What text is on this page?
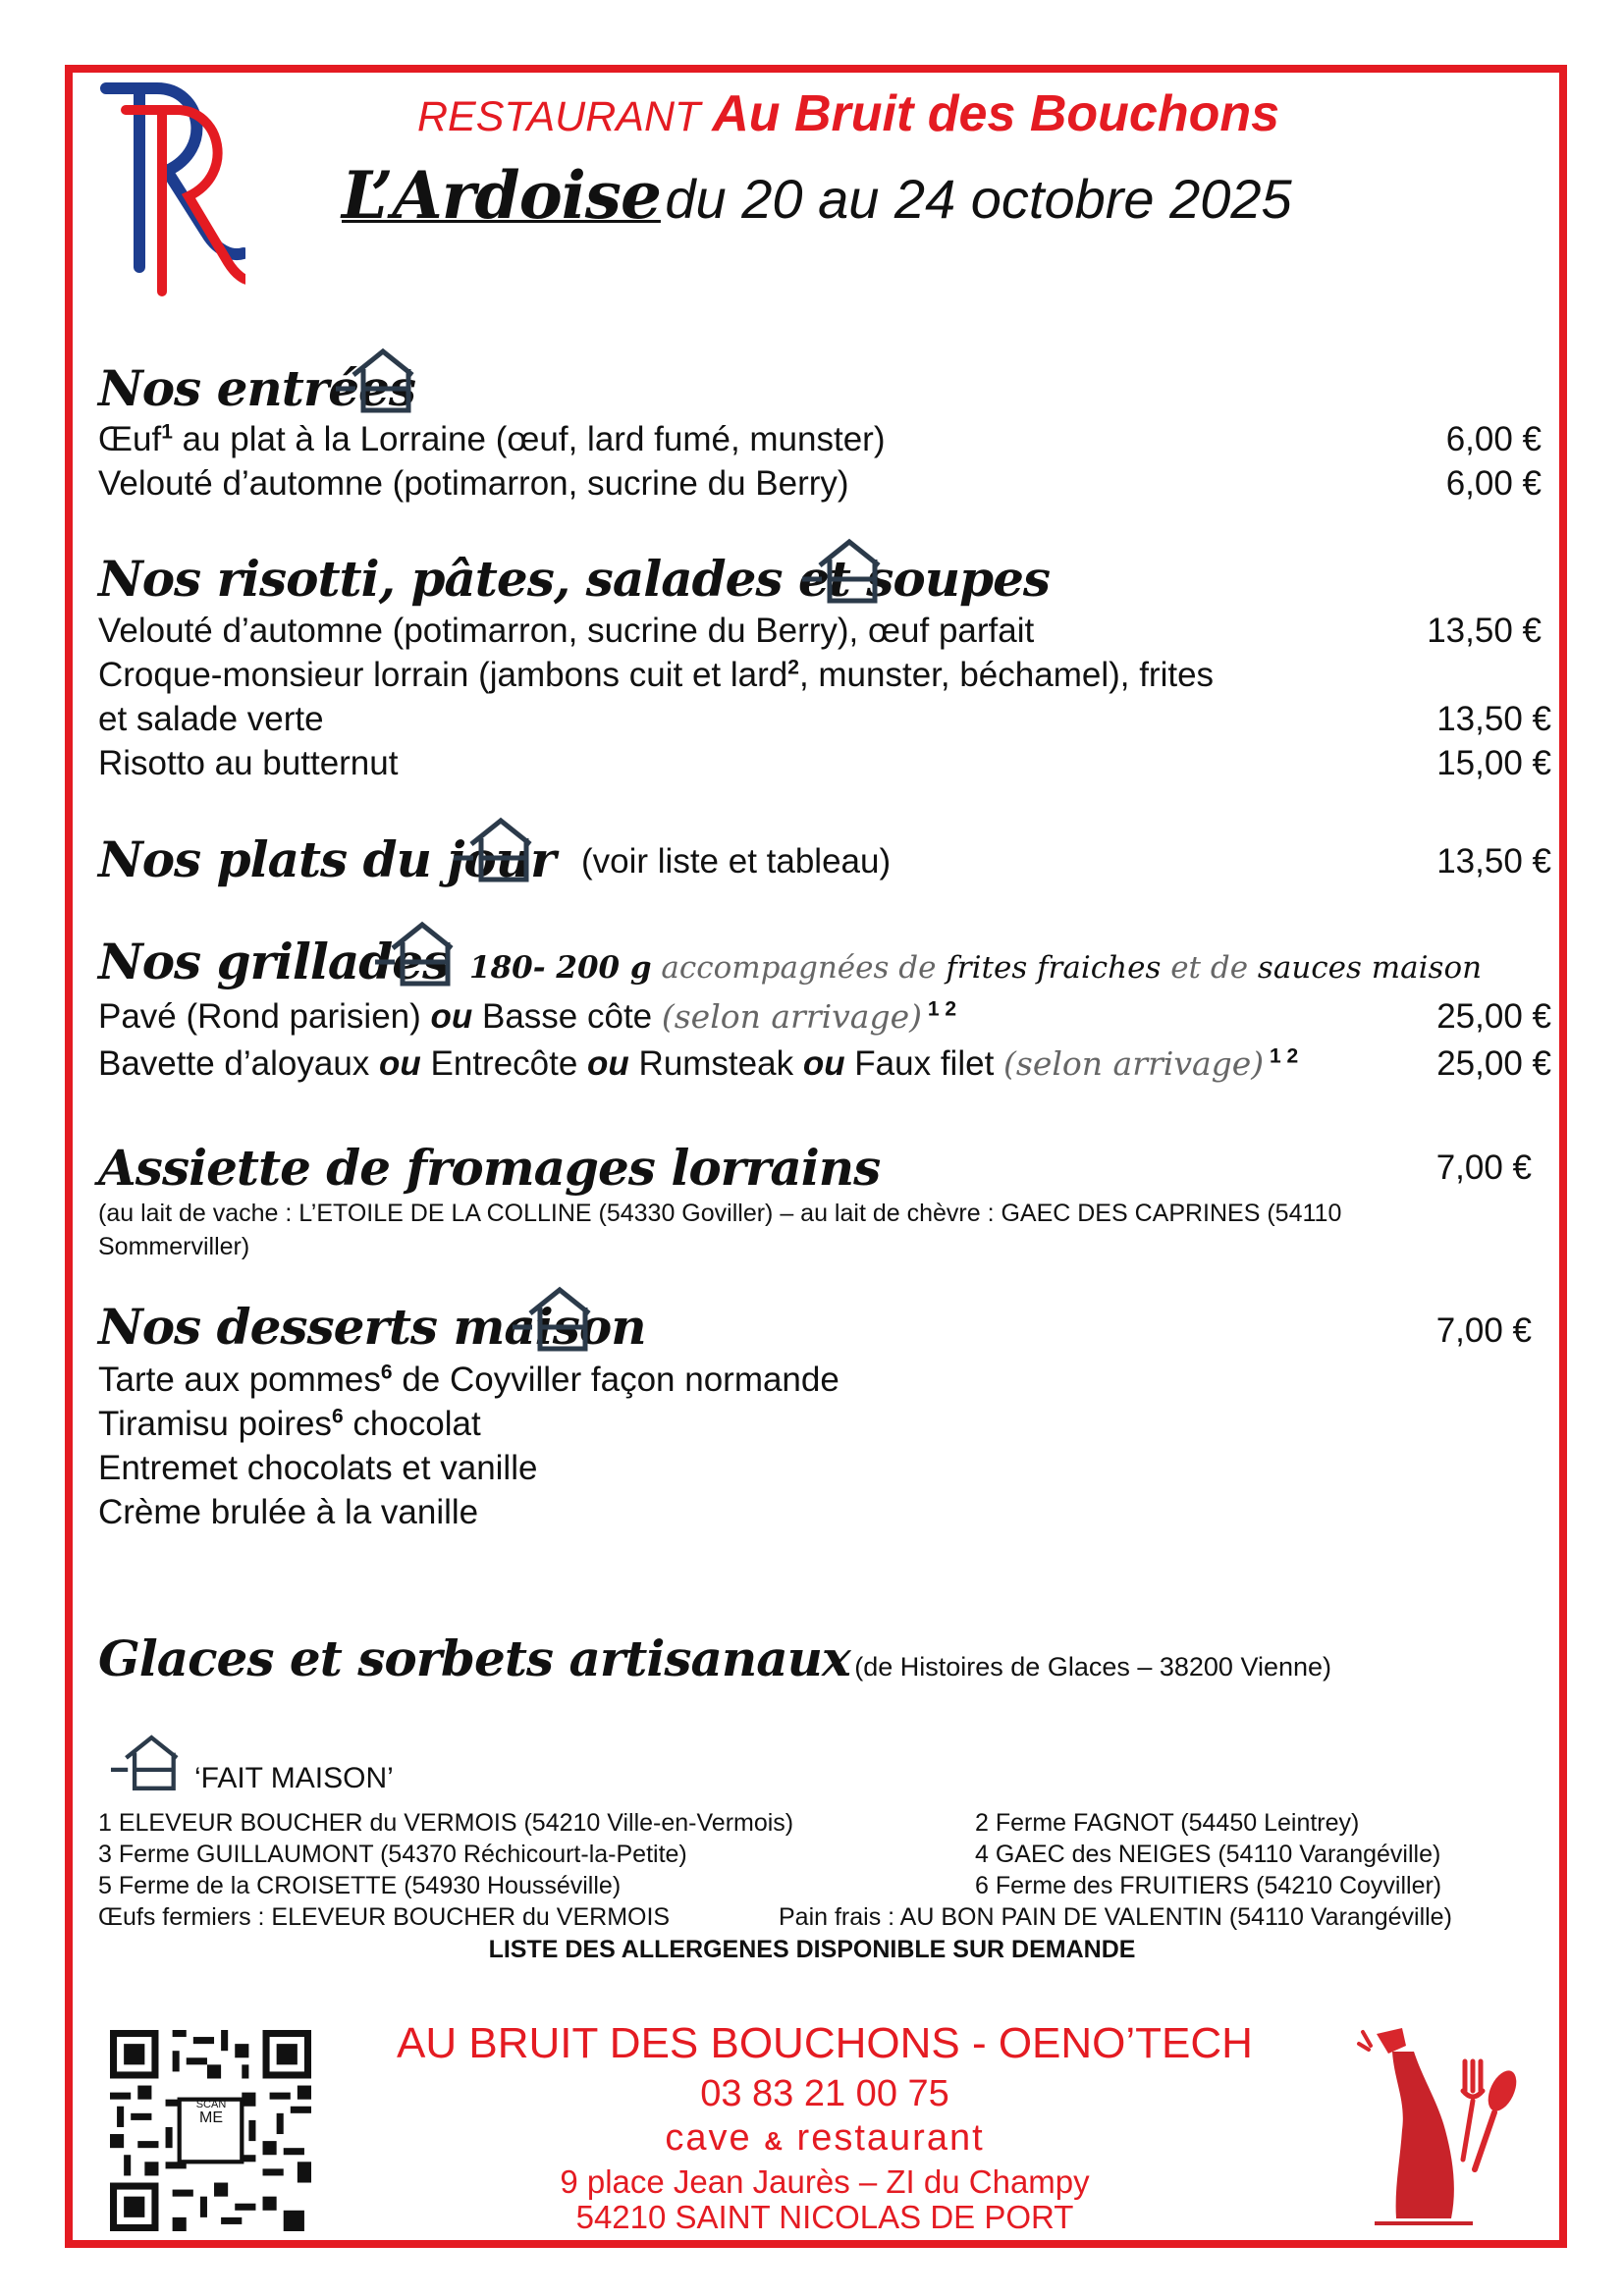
RESTAURANT Au Bruit des Bouchons
L’Ardoise du 20 au 24 octobre 2025
Nos entrées
Œuf$^1$ au plat à la Lorraine (œuf, lard fumé, munster)	6,00 €
Velouté d’automne (potimarron, sucrine du Berry)	6,00 €
Nos risotti, pâtes, salades et soupes
Velouté d’automne (potimarron, sucrine du Berry), œuf parfait	13,50 €
Croque-monsieur lorrain (jambons cuit et lard$^2$, munster, béchamel), frites
et salade verte	13,50 €
Risotto au butternut	15,00 €
Nos plats du jour (voir liste et tableau)	13,50 €
Nos grillades 180- 200 g accompagnées de frites fraiches et de sauces maison
Pavé (Rond parisien) ou Basse côte (selon arrivage) $^{1 2}$	25,00 €
Bavette d’aloyaux ou Entrecôte ou Rumsteak ou Faux filet (selon arrivage) $^{1 2}$	25,00 €
Assiette de fromages lorrains	7,00 €
(au lait de vache : L’ETOILE DE LA COLLINE (54330 Goviller) – au lait de chèvre : GAEC DES CAPRINES (54110
Sommerviller)
Nos desserts maison	7,00 €
Tarte aux pommes$^6$ de Coyviller façon normande
Tiramisu poires$^6$ chocolat
Entremet chocolats et vanille
Crème brulée à la vanille
Glaces et sorbets artisanaux (de Histoires de Glaces – 38200 Vienne)
‘FAIT MAISON’
1 ELEVEUR BOUCHER du VERMOIS (54210 Ville-en-Vermois)
3 Ferme GUILLAUMONT (54370 Réchicourt-la-Petite)
5 Ferme de la CROISETTE (54930 Housséville)
Œufs fermiers : ELEVEUR BOUCHER du VERMOIS
2 Ferme FAGNOT (54450 Leintrey)
4 GAEC des NEIGES (54110 Varangéville)
6 Ferme des FRUITIERS (54210 Coyviller)
Pain frais : AU BON PAIN DE VALENTIN (54110 Varangéville)
LISTE DES ALLERGENES DISPONIBLE SUR DEMANDE
SCAN
ME
AU BRUIT DES BOUCHONS - OENO’TECH
03 83 21 00 75
cave & restaurant
9 place Jean Jaurès – ZI du Champy
54210 SAINT NICOLAS DE PORT
